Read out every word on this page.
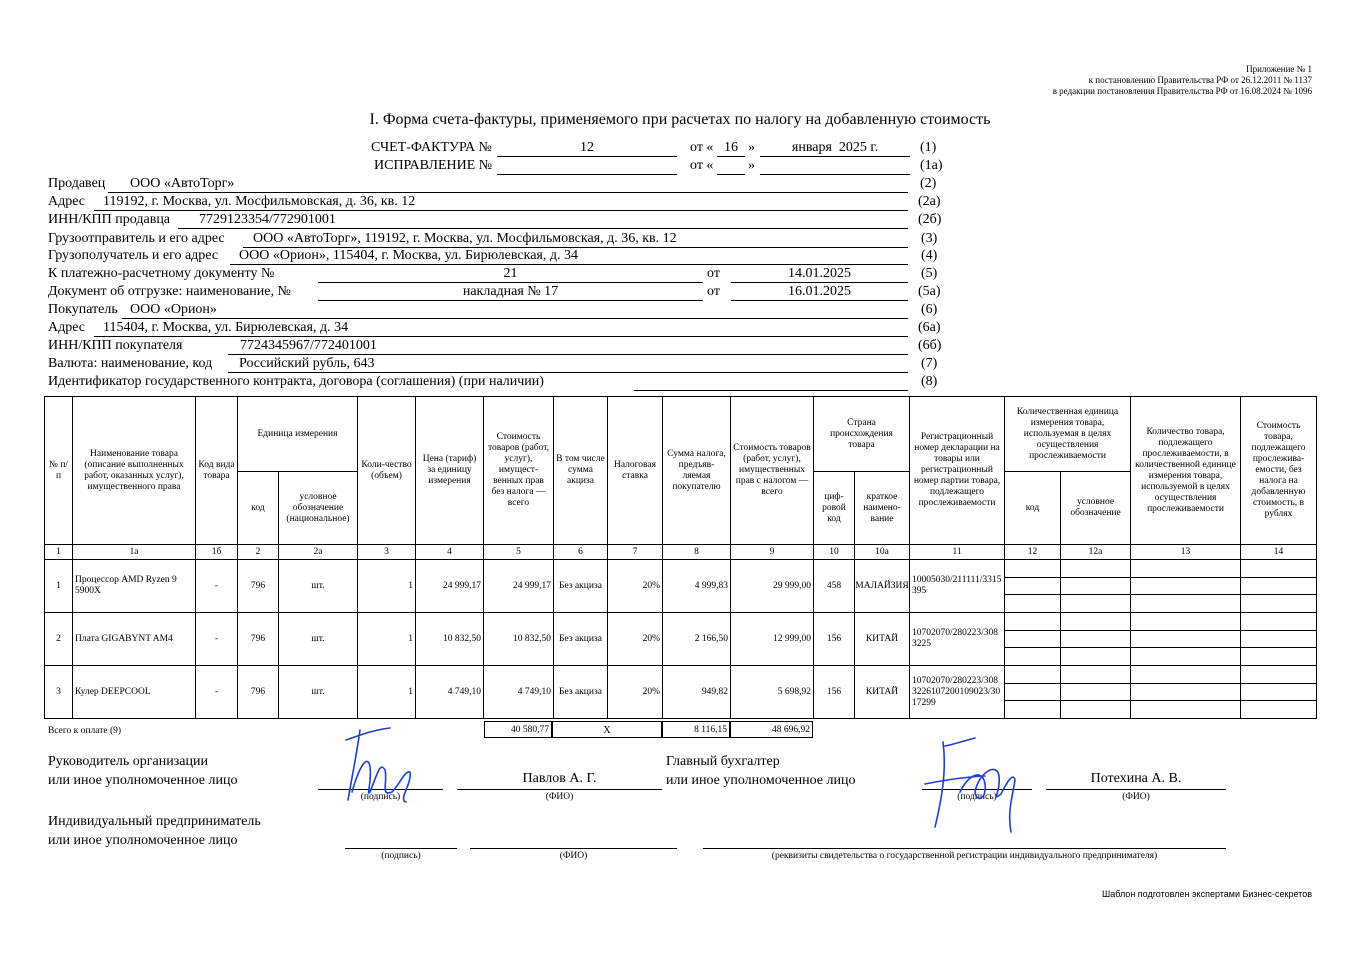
Приложение № 1
к постановлению Правительства РФ от 26.12.2011 № 1137
в редакции постановления Правительства РФ от 16.08.2024 № 1096
I. Форма счета-фактуры, применяемого при расчетах по налогу на добавленную стоимость
СЧЕТ-ФАКТУРА №	12	от « 16 »	января  2025 г.	(1)
ИСПРАВЛЕНИЕ №	от « »	(1а)
Продавец ООО «АвтоТорг»	(2)
Адрес 119192, г. Москва, ул. Мосфильмовская, д. 36, кв. 12	(2а)
ИНН/КПП продавца 7729123354/772901001	(2б)
Грузоотправитель и его адрес ООО «АвтоТорг», 119192, г. Москва, ул. Мосфильмовская, д. 36, кв. 12	(3)
Грузополучатель и его адрес ООО «Орион», 115404, г. Москва, ул. Бирюлевская, д. 34	(4)
К платежно-расчетному документу №	21	от	14.01.2025	(5)
Документ об отгрузке: наименование, №	накладная № 17	от	16.01.2025	(5а)
Покупатель ООО «Орион»	(6)
Адрес 115404, г. Москва, ул. Бирюлевская, д. 34	(6а)
ИНН/КПП покупателя	7724345967/772401001	(6б)
Валюта: наименование, код Российский рубль, 643	(7)
Идентификатор государственного контракта, договора (соглашения) (при наличии)	(8)
№ п/п	Наименование товара (описание выполненных работ, оказанных услуг), имущественного права	Код вида товара	Единица измерения		Коли-чество (объем)	Цена (тариф) за единицу измерения	Стоимость товаров (работ, услуг), имущест-венных прав без налога — всего	В том числе сумма акциза	Налоговая ставка	Сумма налога, предъяв-ляемая покупателю	Стоимость товаров (работ, услуг), имущественных прав с налогом — всего	Страна происхождения товара		Регистрационный номер декларации на товары или регистрационный номер партии товара, подлежащего прослеживаемости	Количественная единица измерения товара, используемая в целях осуществления прослеживаемости		Количество товара, подлежащего прослеживаемости, в количественной единице измерения товара, используемой в целях осуществления прослеживаемости	Стоимость товара, подлежащего прослежива-емости, без налога на добавленную стоимость, в рублях
			код	условное обозначение (национальное)								циф-ровой код	краткое наимено-вание		код	условное обозначение		
1	1а	1б	2	2а	3	4	5	6	7	8	9	10	10а	11	12	12а	13	14
1	Процессор AMD Ryzen 9 5900X	-	796	шт.	1	24 999,17	24 999,17	Без акциза	20%	4 999,83	29 999,00	458	МАЛАЙЗИЯ	10005030/211111/3315395	

2	Плата GIGABYNT AM4	-	796	шт.	1	10 832,50	10 832,50	Без акциза	20%	2 166,50	12 999,00	156	КИТАЙ	10702070/280223/3083225	

3	Кулер DEEPCOOL	-	796	шт.	1	4 749,10	4 749,10	Без акциза	20%	949,82	5 698,92	156	КИТАЙ	10702070/280223/3083226107200109023/3017299	

Всего к оплате (9)	40 580,77	X	8 116,15	48 696,92
Руководитель организации
или иное уполномоченное лицо
(подпись)
Павлов А. Г.
(ФИО)
Главный бухгалтер
или иное уполномоченное лицо
(подпись)
Потехина А. В.
(ФИО)
Индивидуальный предприниматель
или иное уполномоченное лицо
(подпись)	(ФИО)	(реквизиты свидетельства о государственной регистрации индивидуального предпринимателя)
Шаблон подготовлен экспертами Бизнес-секретов
